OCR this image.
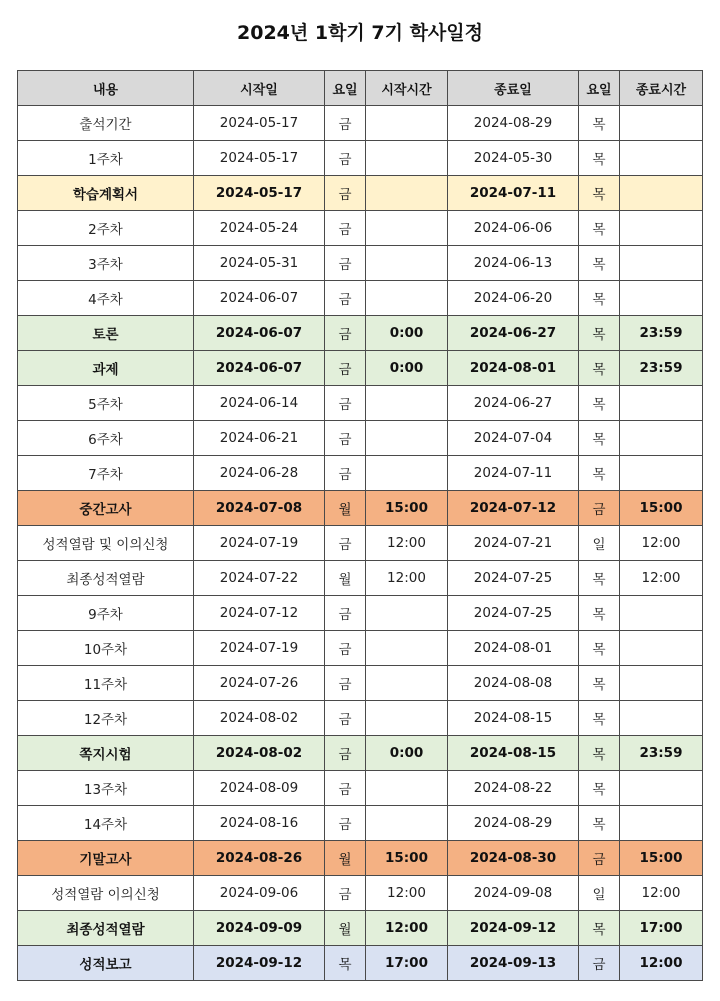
2024년 1학기 7기 학사일정
내용	시작일	요일	시작시간	종료일	요일	종료시간
출석기간	2024-05-17	금		2024-08-29	목	
1주차	2024-05-17	금		2024-05-30	목	
학습계획서	2024-05-17	금		2024-07-11	목	
2주차	2024-05-24	금		2024-06-06	목	
3주차	2024-05-31	금		2024-06-13	목	
4주차	2024-06-07	금		2024-06-20	목	
토론	2024-06-07	금	0:00	2024-06-27	목	23:59
과제	2024-06-07	금	0:00	2024-08-01	목	23:59
5주차	2024-06-14	금		2024-06-27	목	
6주차	2024-06-21	금		2024-07-04	목	
7주차	2024-06-28	금		2024-07-11	목	
중간고사	2024-07-08	월	15:00	2024-07-12	금	15:00
성적열람 및 이의신청	2024-07-19	금	12:00	2024-07-21	일	12:00
최종성적열람	2024-07-22	월	12:00	2024-07-25	목	12:00
9주차	2024-07-12	금		2024-07-25	목	
10주차	2024-07-19	금		2024-08-01	목	
11주차	2024-07-26	금		2024-08-08	목	
12주차	2024-08-02	금		2024-08-15	목	
쪽지시험	2024-08-02	금	0:00	2024-08-15	목	23:59
13주차	2024-08-09	금		2024-08-22	목	
14주차	2024-08-16	금		2024-08-29	목	
기말고사	2024-08-26	월	15:00	2024-08-30	금	15:00
성적열람 이의신청	2024-09-06	금	12:00	2024-09-08	일	12:00
최종성적열람	2024-09-09	월	12:00	2024-09-12	목	17:00
성적보고	2024-09-12	목	17:00	2024-09-13	금	12:00
